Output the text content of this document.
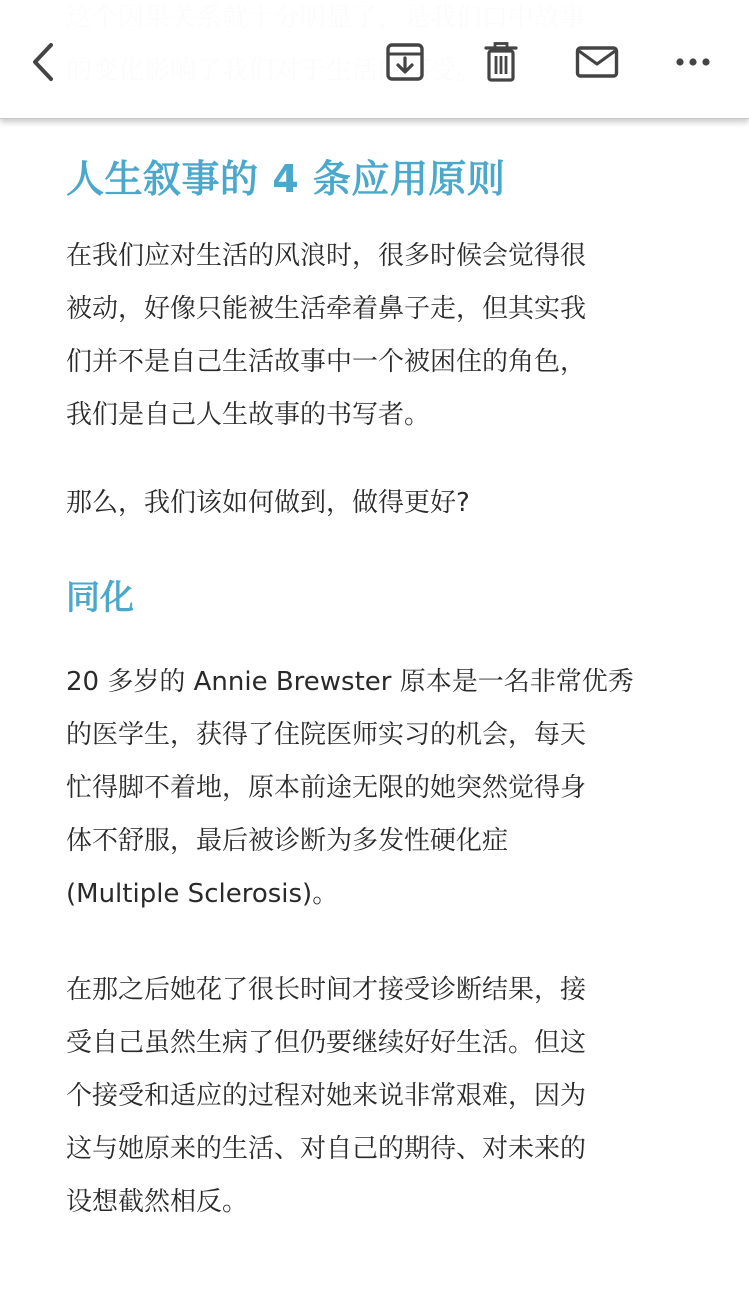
人生叙事的 4 条应用原则

在我们应对生活的风浪时，很多时候会觉得很
被动，好像只能被生活牵着鼻子走，但其实我
们并不是自己生活故事中一个被困住的角色，
我们是自己人生故事的书写者。

那么，我们该如何做到，做得更好?

同化

20 多岁的 Annie Brewster 原本是一名非常优秀
的医学生，获得了住院医师实习的机会，每天
忙得脚不着地，原本前途无限的她突然觉得身
体不舒服，最后被诊断为多发性硬化症
(Multiple Sclerosis)。

在那之后她花了很长时间才接受诊断结果，接
受自己虽然生病了但仍要继续好好生活。但这
个接受和适应的过程对她来说非常艰难，因为
这与她原来的生活、对自己的期待、对未来的
设想截然相反。
